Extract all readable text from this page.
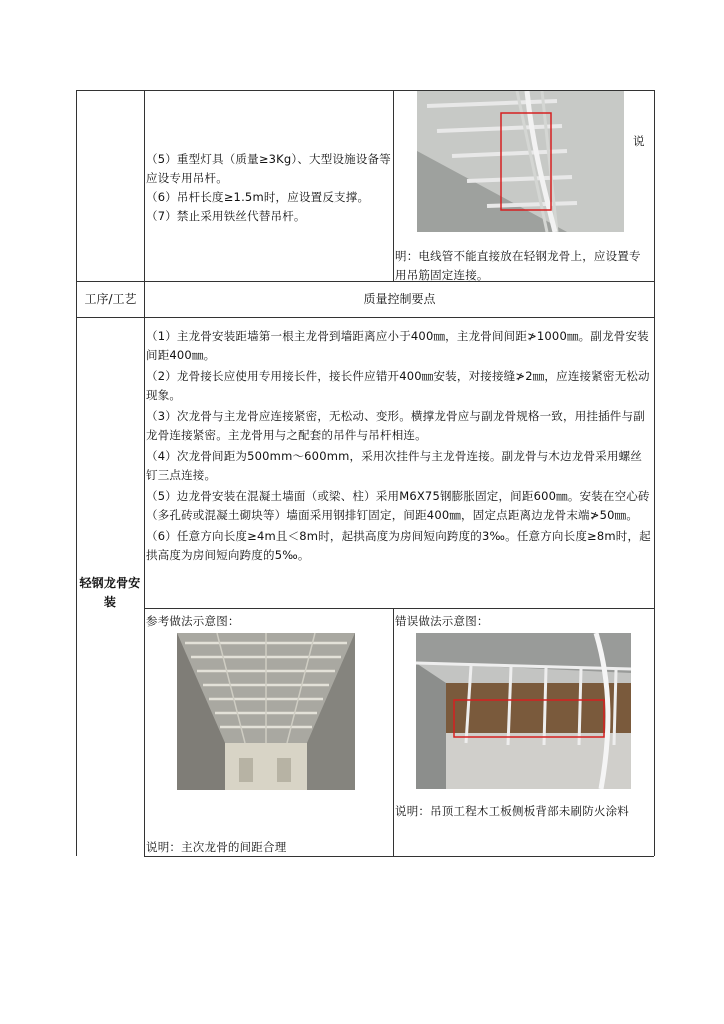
（5）重型灯具（质量≥3Kg）、大型设施设备等应设专用吊杆。
（6）吊杆长度≥1.5m时，应设置反支撑。
（7）禁止采用铁丝代替吊杆。
说
明：电线管不能直接放在轻钢龙骨上，应设置专用吊筋固定连接。
工序/工艺	质量控制要点
轻钢龙骨安装
（1）主龙骨安装距墙第一根主龙骨到墙距离应小于400㎜，主龙骨间间距≯1000㎜。副龙骨安装间距400㎜。
（2）龙骨接长应使用专用接长件，接长件应错开400㎜安装，对接接缝≯2㎜，应连接紧密无松动现象。
（3）次龙骨与主龙骨应连接紧密，无松动、变形。横撑龙骨应与副龙骨规格一致，用挂插件与副龙骨连接紧密。主龙骨用与之配套的吊件与吊杆相连。
（4）次龙骨间距为500mm～600mm，采用次挂件与主龙骨连接。副龙骨与木边龙骨采用螺丝钉三点连接。
（5）边龙骨安装在混凝土墙面（或梁、柱）采用M6X75钢膨胀固定，间距600㎜。安装在空心砖（多孔砖或混凝土砌块等）墙面采用钢排钉固定，间距400㎜，固定点距离边龙骨末端≯50㎜。
（6）任意方向长度≥4m且＜8m时，起拱高度为房间短向跨度的3‰。任意方向长度≥8m时，起拱高度为房间短向跨度的5‰。
参考做法示意图：
说明：主次龙骨的间距合理
错误做法示意图：
说明：吊顶工程木工板侧板背部未刷防火涂料
